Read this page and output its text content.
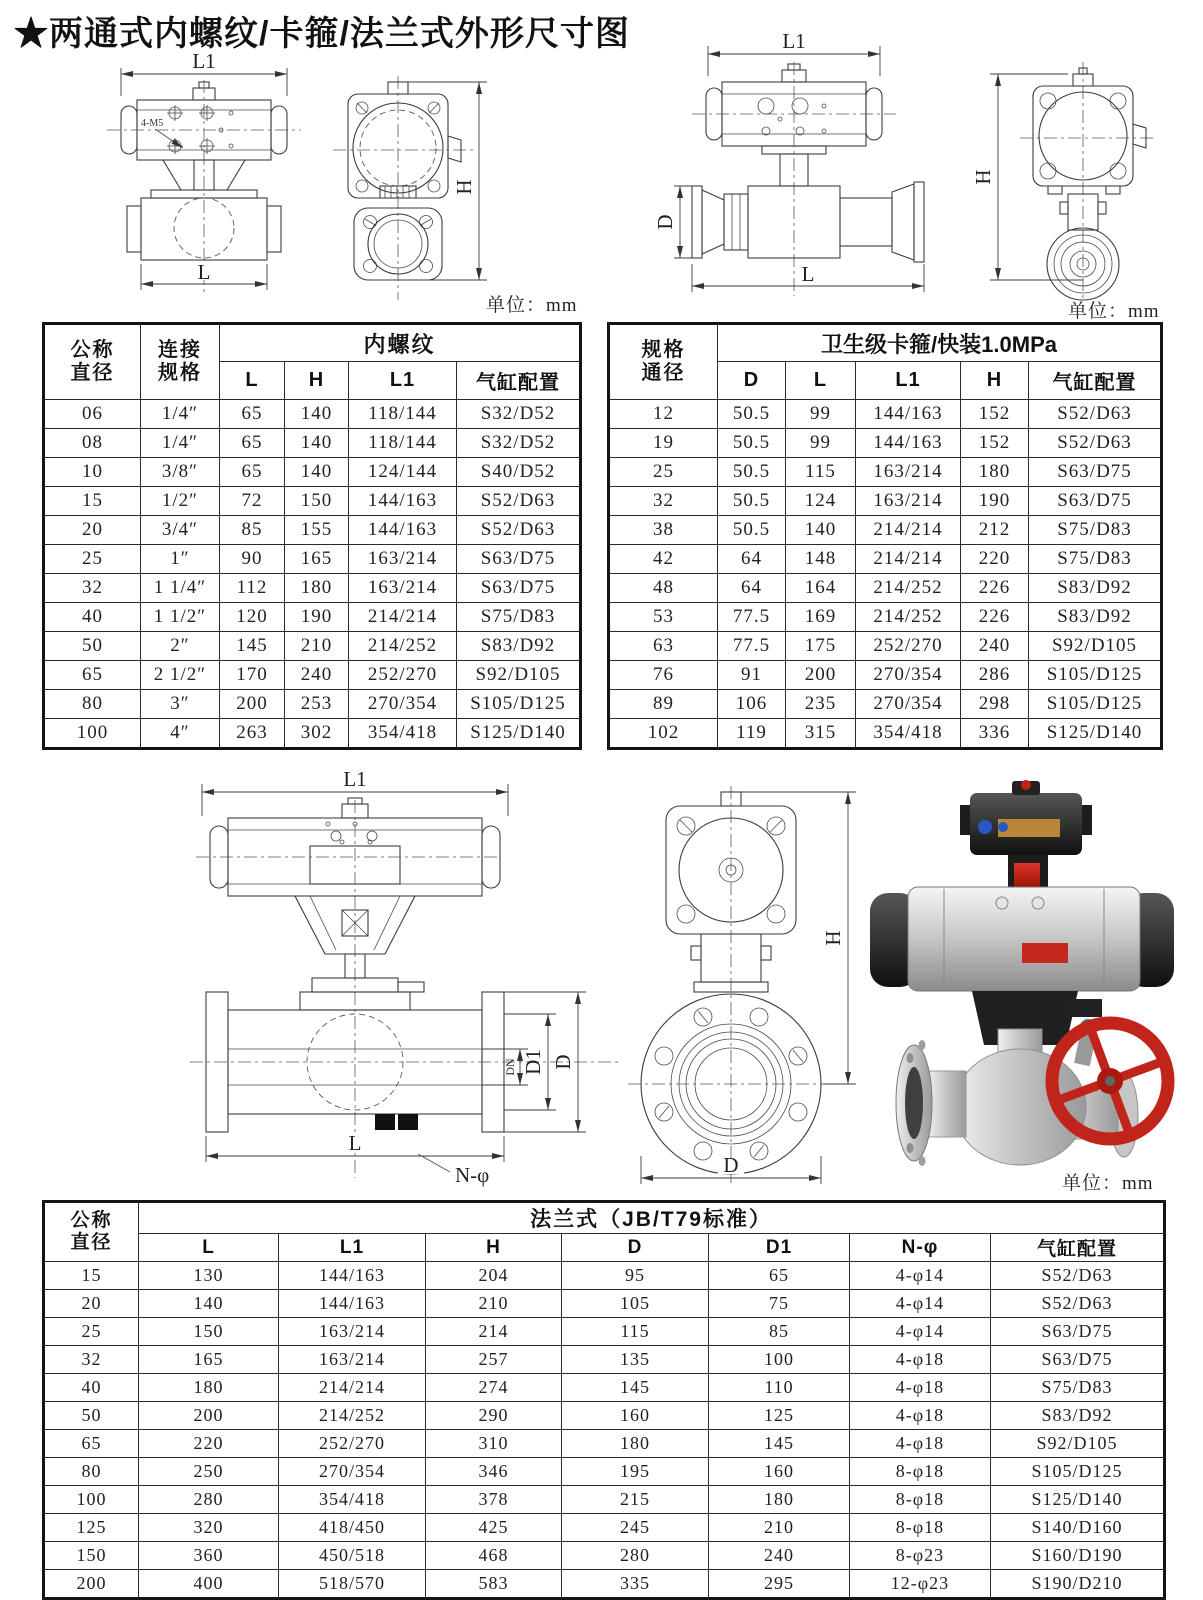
★两通式内螺纹/卡箍/法兰式外形尺寸图
L1
4-M5
L
H
单位：mm
L1
D
L
H
单位：mm
公称
直径

连接
规格
	内螺纹
		L	H	L1	气缸配置
06	1/4″	65	140	118/144	S32/D52
08	1/4″	65	140	118/144	S32/D52
10	3/8″	65	140	124/144	S40/D52
15	1/2″	72	150	144/163	S52/D63
20	3/4″	85	155	144/163	S52/D63
25	1″	90	165	163/214	S63/D75
32	1 1/4″	112	180	163/214	S63/D75
40	1 1/2″	120	190	214/214	S75/D83
50	2″	145	210	214/252	S83/D92
65	2 1/2″	170	240	252/270	S92/D105
80	3″	200	253	270/354	S105/D125
100	4″	263	302	354/418	S125/D140
规格
通径	卫生级卡箍/快装1.0MPa				
	D	L	L1	H	气缸配置
12	50.5	99	144/163	152	S52/D63
19	50.5	99	144/163	152	S52/D63
25	50.5	115	163/214	180	S63/D75
32	50.5	124	163/214	190	S63/D75
38	50.5	140	214/214	212	S75/D83
42	64	148	214/214	220	S75/D83
48	64	164	214/252	226	S83/D92
53	77.5	169	214/252	226	S83/D92
63	77.5	175	252/270	240	S92/D105
76	91	200	270/354	286	S105/D125
89	106	235	270/354	298	S105/D125
102	119	315	354/418	336	S125/D140
L1
L
DN D1 D
N-φ
H
D
单位：mm
公称
直径	法兰式（JB/T79标准）						
	L	L1	H	D	D1	N-φ	气缸配置
15	130	144/163	204	95	65	4-φ14	S52/D63
20	140	144/163	210	105	75	4-φ14	S52/D63
25	150	163/214	214	115	85	4-φ14	S63/D75
32	165	163/214	257	135	100	4-φ18	S63/D75
40	180	214/214	274	145	110	4-φ18	S75/D83
50	200	214/252	290	160	125	4-φ18	S83/D92
65	220	252/270	310	180	145	4-φ18	S92/D105
80	250	270/354	346	195	160	8-φ18	S105/D125
100	280	354/418	378	215	180	8-φ18	S125/D140
125	320	418/450	425	245	210	8-φ18	S140/D160
150	360	450/518	468	280	240	8-φ23	S160/D190
200	400	518/570	583	335	295	12-φ23	S190/D210
